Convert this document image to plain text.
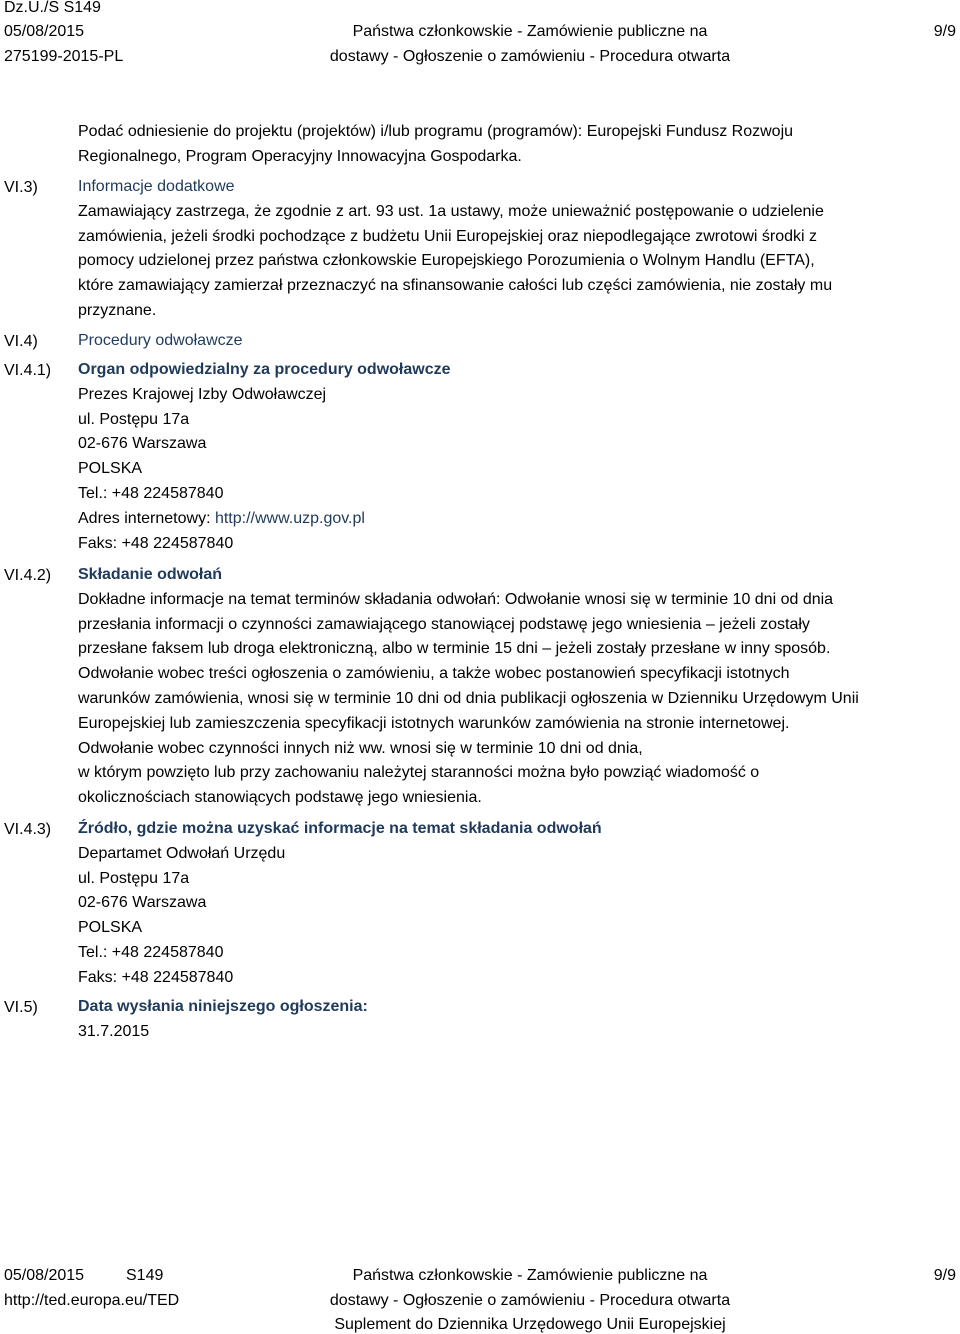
Dz.U./S S149
05/08/2015
275199-2015-PL
Państwa członkowskie - Zamówienie publiczne na
dostawy - Ogłoszenie o zamówieniu - Procedura otwarta
9/9
VI.3)
VI.4)
VI.4.1)
VI.4.2)
VI.4.3)
VI.5)
Podać odniesienie do projektu (projektów) i/lub programu (programów): Europejski Fundusz Rozwoju
Regionalnego, Program Operacyjny Innowacyjna Gospodarka.
Informacje dodatkowe
Zamawiający zastrzega, że zgodnie z art. 93 ust. 1a ustawy, może unieważnić postępowanie o udzielenie
zamówienia, jeżeli środki pochodzące z budżetu Unii Europejskiej oraz niepodlegające zwrotowi środki z
pomocy udzielonej przez państwa członkowskie Europejskiego Porozumienia o Wolnym Handlu (EFTA),
które zamawiający zamierzał przeznaczyć na sfinansowanie całości lub części zamówienia, nie zostały mu
przyznane.
Procedury odwoławcze
Organ odpowiedzialny za procedury odwoławcze
Prezes Krajowej Izby Odwoławczej
ul. Postępu 17a
02-676 Warszawa
POLSKA
Tel.: +48 224587840
Adres internetowy: http://www.uzp.gov.pl
Faks: +48 224587840
Składanie odwołań
Dokładne informacje na temat terminów składania odwołań: Odwołanie wnosi się w terminie 10 dni od dnia
przesłania informacji o czynności zamawiającego stanowiącej podstawę jego wniesienia – jeżeli zostały
przesłane faksem lub droga elektroniczną, albo w terminie 15 dni – jeżeli zostały przesłane w inny sposób.
Odwołanie wobec treści ogłoszenia o zamówieniu, a także wobec postanowień specyfikacji istotnych
warunków zamówienia, wnosi się w terminie 10 dni od dnia publikacji ogłoszenia w Dzienniku Urzędowym Unii
Europejskiej lub zamieszczenia specyfikacji istotnych warunków zamówienia na stronie internetowej.
Odwołanie wobec czynności innych niż ww. wnosi się w terminie 10 dni od dnia,
w którym powzięto lub przy zachowaniu należytej staranności można było powziąć wiadomość o
okolicznościach stanowiących podstawę jego wniesienia.
Źródło, gdzie można uzyskać informacje na temat składania odwołań
Departamet Odwołań Urzędu
ul. Postępu 17a
02-676 Warszawa
POLSKA
Tel.: +48 224587840
Faks: +48 224587840
Data wysłania niniejszego ogłoszenia:
31.7.2015
05/08/2015	S149
http://ted.europa.eu/TED
Państwa członkowskie - Zamówienie publiczne na
dostawy - Ogłoszenie o zamówieniu - Procedura otwarta
Suplement do Dziennika Urzędowego Unii Europejskiej
9/9
